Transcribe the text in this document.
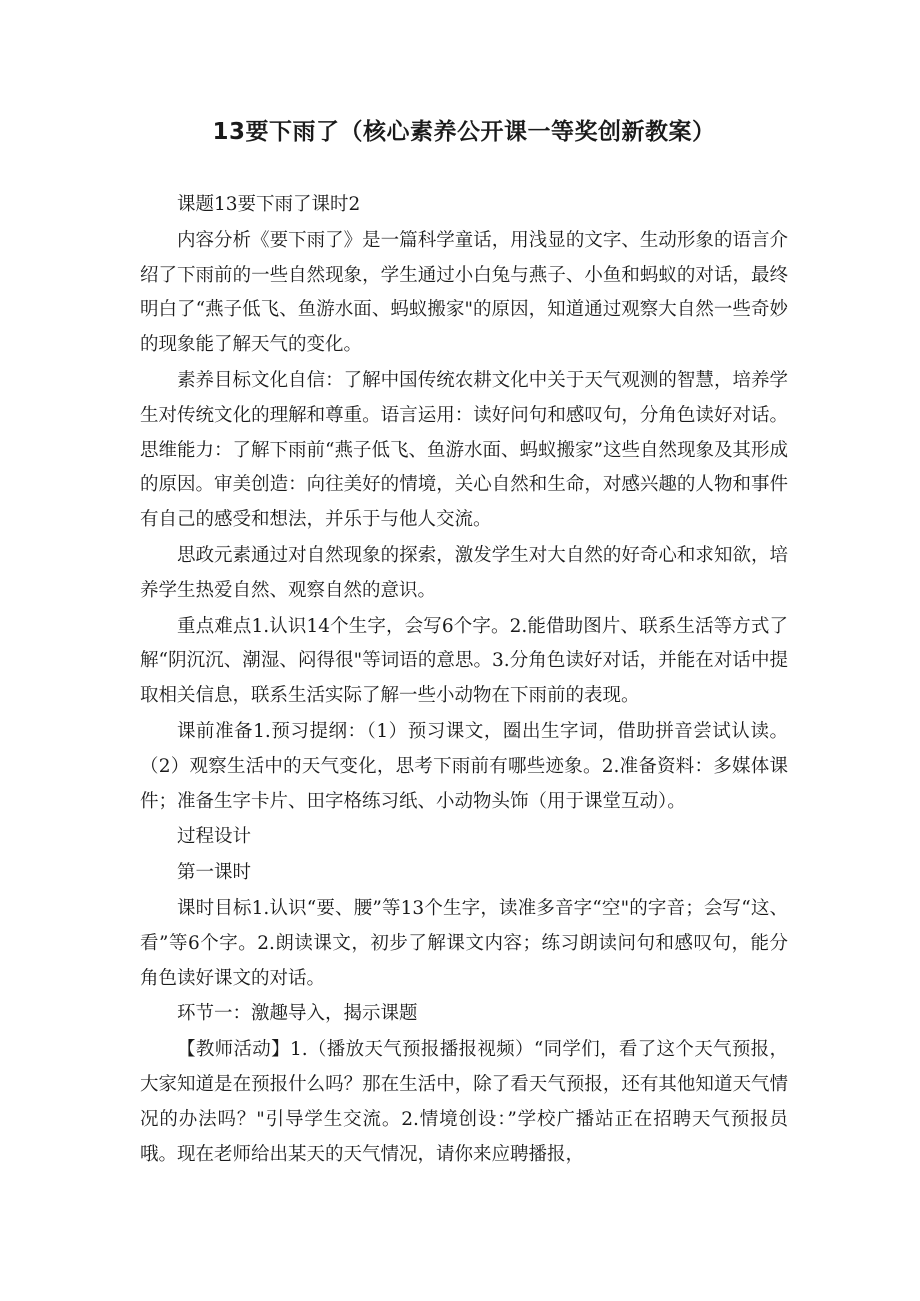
13要下雨了（核心素养公开课一等奖创新教案）

课题13要下雨了课时2

内容分析《要下雨了》是一篇科学童话，用浅显的文字、生动形象的语言介绍了下雨前的一些自然现象，学生通过小白兔与燕子、小鱼和蚂蚁的对话，最终明白了“燕子低飞、鱼游水面、蚂蚁搬家"的原因，知道通过观察大自然一些奇妙的现象能了解天气的变化。

素养目标文化自信：了解中国传统农耕文化中关于天气观测的智慧，培养学生对传统文化的理解和尊重。语言运用：读好问句和感叹句，分角色读好对话。思维能力：了解下雨前“燕子低飞、鱼游水面、蚂蚁搬家”这些自然现象及其形成的原因。审美创造：向往美好的情境，关心自然和生命，对感兴趣的人物和事件有自己的感受和想法，并乐于与他人交流。

思政元素通过对自然现象的探索，激发学生对大自然的好奇心和求知欲，培养学生热爱自然、观察自然的意识。

重点难点1.认识14个生字，会写6个字。2.能借助图片、联系生活等方式了解“阴沉沉、潮湿、闷得很"等词语的意思。3.分角色读好对话，并能在对话中提取相关信息，联系生活实际了解一些小动物在下雨前的表现。

课前准备1.预习提纲：（1）预习课文，圈出生字词，借助拼音尝试认读。（2）观察生活中的天气变化，思考下雨前有哪些迹象。2.准备资料：多媒体课件；准备生字卡片、田字格练习纸、小动物头饰（用于课堂互动）。

过程设计

第一课时

课时目标1.认识“要、腰”等13个生字，读准多音字“空"的字音；会写“这、看”等6个字。2.朗读课文，初步了解课文内容；练习朗读问句和感叹句，能分角色读好课文的对话。

环节一：激趣导入，揭示课题

【教师活动】1.（播放天气预报播报视频）“同学们，看了这个天气预报，大家知道是在预报什么吗？那在生活中，除了看天气预报，还有其他知道天气情况的办法吗？"引导学生交流。2.情境创设：”学校广播站正在招聘天气预报员哦。现在老师给出某天的天气情况，请你来应聘播报，
